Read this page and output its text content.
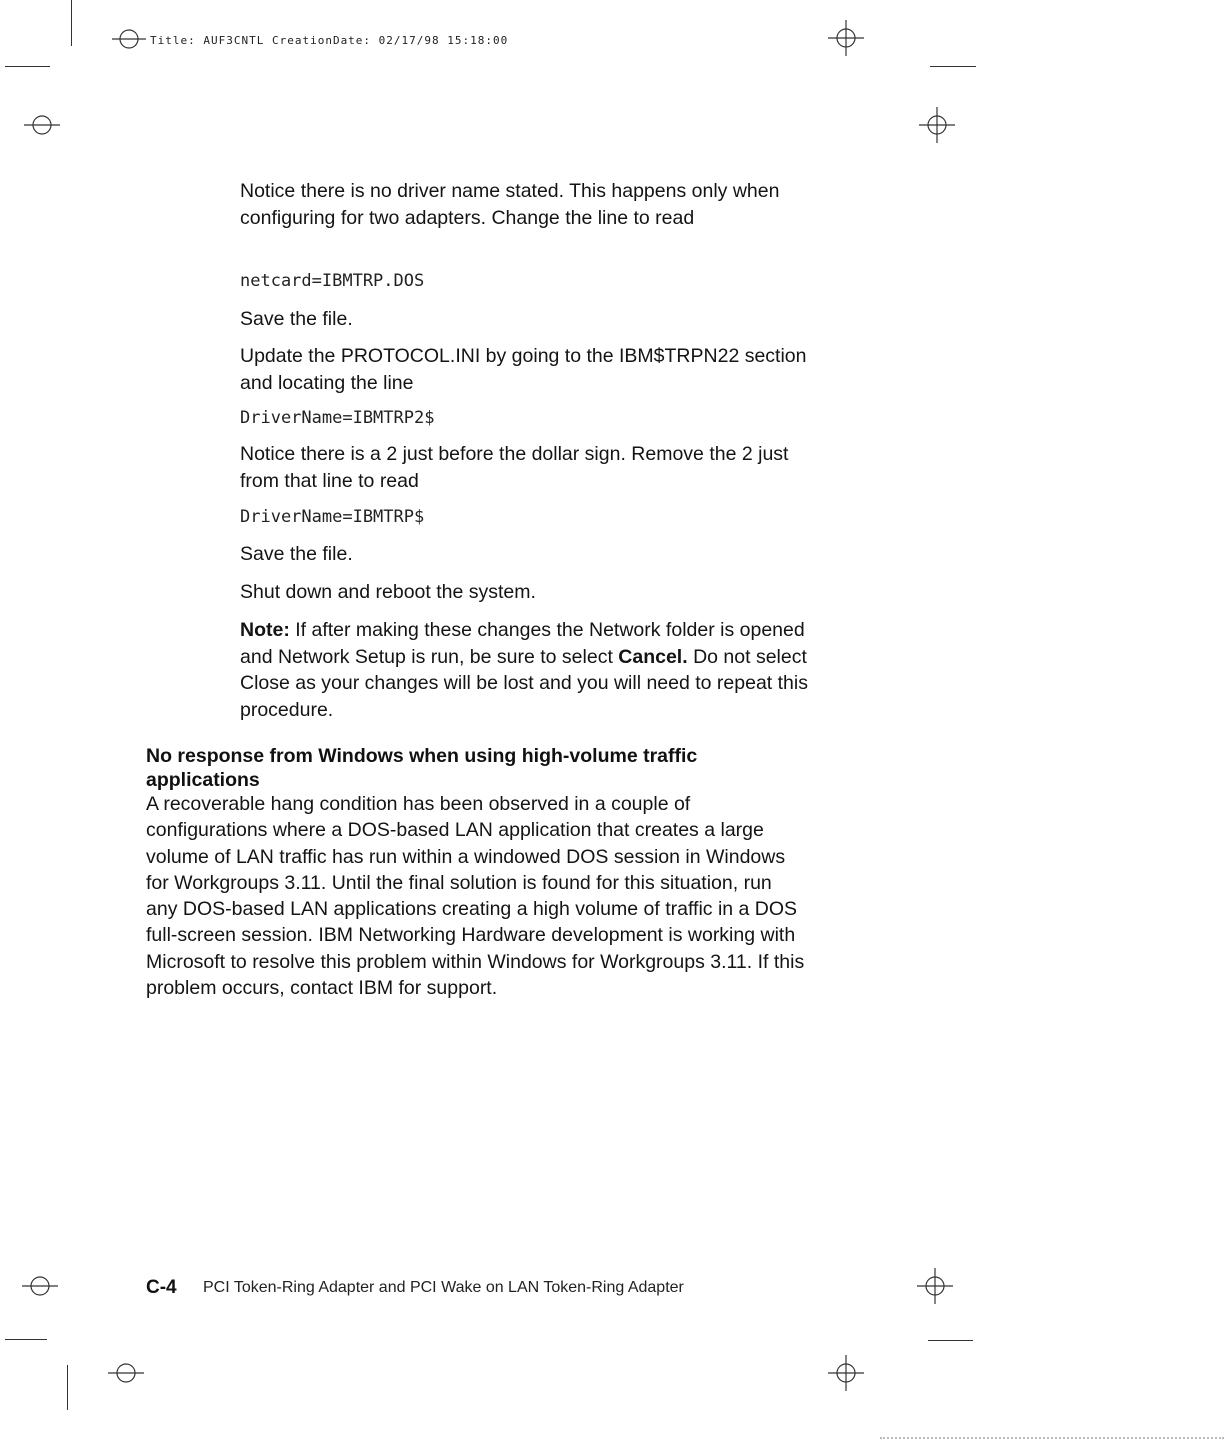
Title: AUF3CNTL CreationDate: 02/17/98 15:18:00
Notice there is no driver name stated. This happens only when configuring for two adapters. Change the line to read
netcard=IBMTRP.DOS
Save the file.
Update the PROTOCOL.INI by going to the IBM$TRPN22 section and locating the line
DriverName=IBMTRP2$
Notice there is a 2 just before the dollar sign. Remove the 2 just from that line to read
DriverName=IBMTRP$
Save the file.
Shut down and reboot the system.
Note: If after making these changes the Network folder is opened and Network Setup is run, be sure to select Cancel. Do not select Close as your changes will be lost and you will need to repeat this procedure.
No response from Windows when using high-volume traffic applications
A recoverable hang condition has been observed in a couple of configurations where a DOS-based LAN application that creates a large volume of LAN traffic has run within a windowed DOS session in Windows for Workgroups 3.11. Until the final solution is found for this situation, run any DOS-based LAN applications creating a high volume of traffic in a DOS full-screen session. IBM Networking Hardware development is working with Microsoft to resolve this problem within Windows for Workgroups 3.11. If this problem occurs, contact IBM for support.
C-4 PCI Token-Ring Adapter and PCI Wake on LAN Token-Ring Adapter
